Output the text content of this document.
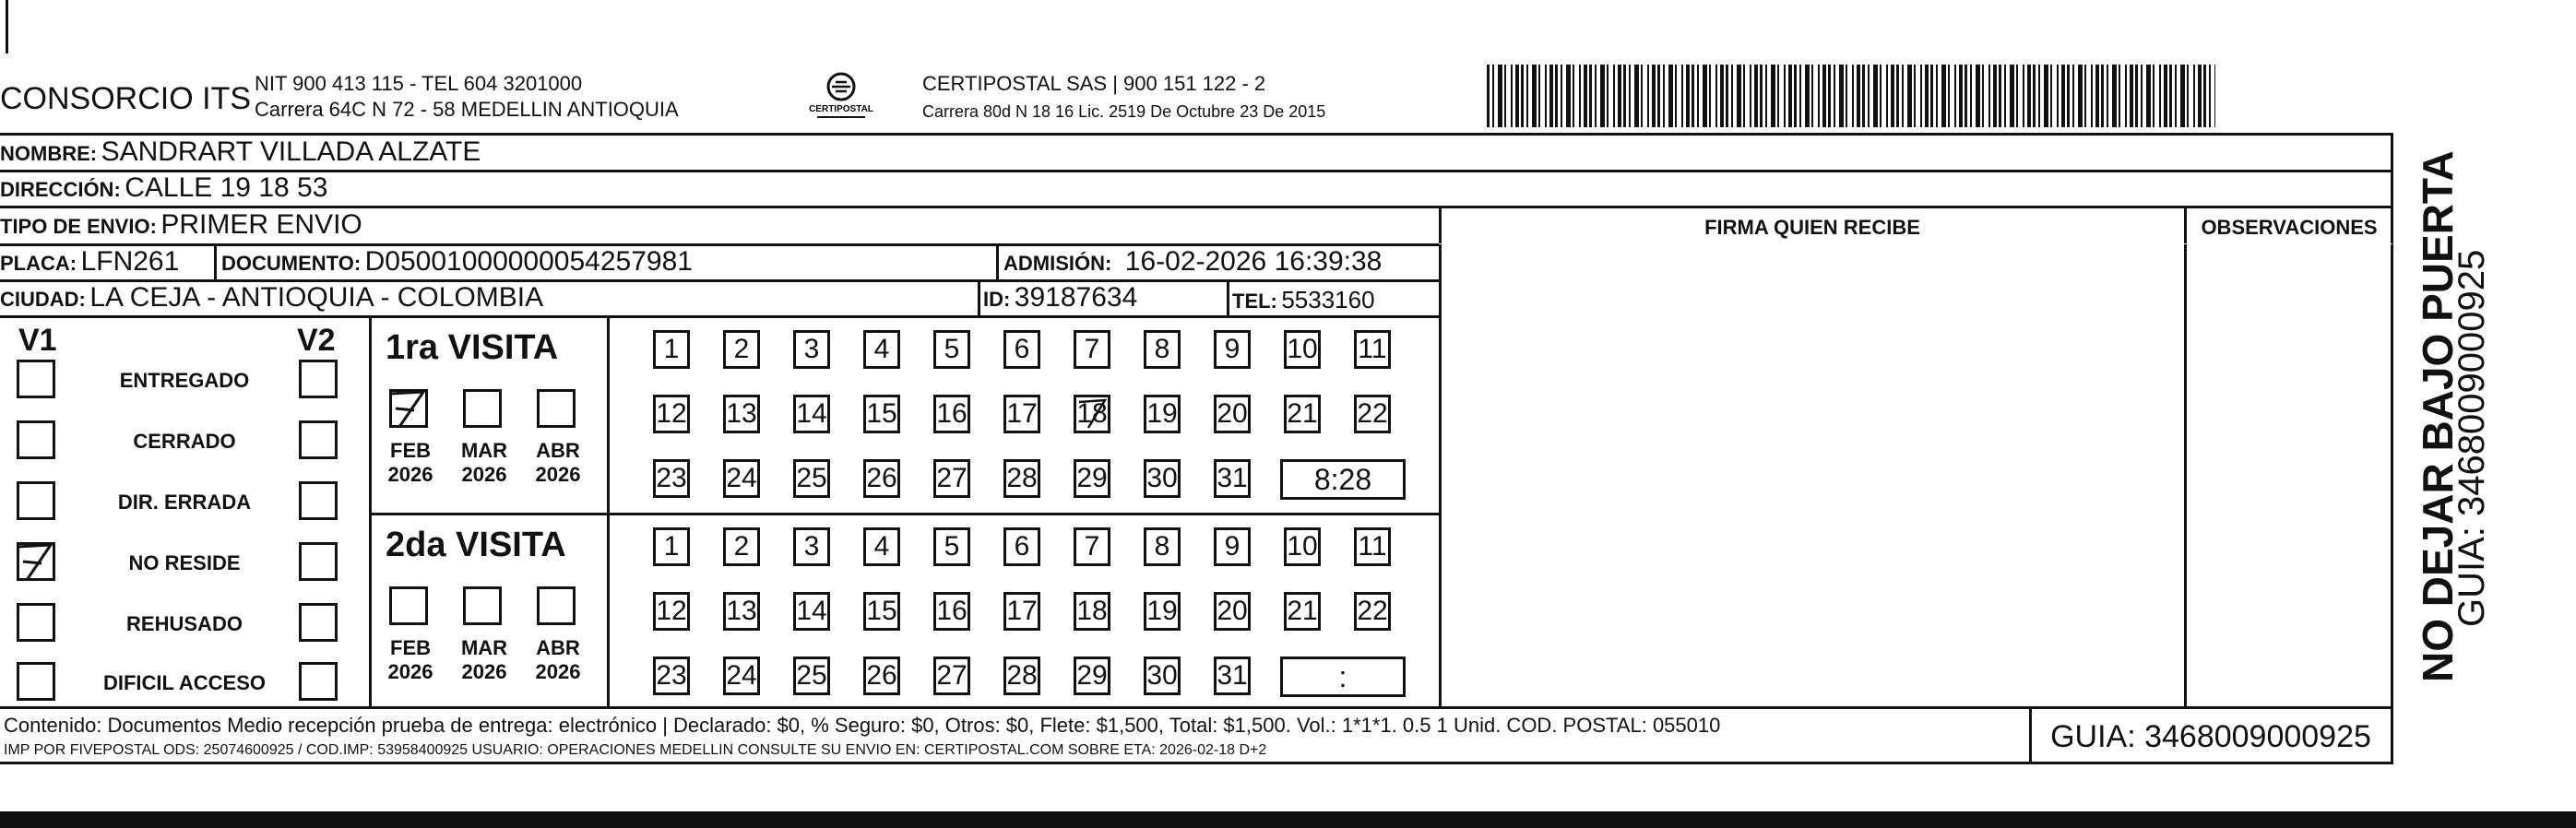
CONSORCIO ITS NIT 900 413 115 - TEL 604 3201000
Carrera 64C N 72 - 58 MEDELLIN ANTIOQUIA	CERTIPOSTAL
CERTIPOSTAL SAS | 900 151 122 - 2
Carrera 80d N 18 16 Lic. 2519 De Octubre 23 De 2015
NOMBRE: SANDRART VILLADA ALZATE
DIRECCIÓN: CALLE 19 18 53
TIPO DE ENVIO: PRIMER ENVIO
PLACA: LFN261 DOCUMENTO: D05001000000054257981	ADMISIÓN: 16-02-2026 16:39:38
CIUDAD: LA CEJA - ANTIOQUIA - COLOMBIA	ID: 39187634	TEL: 5533160
FIRMA QUIEN RECIBE	OBSERVACIONES
V1	V2
ENTREGADO
CERRADO
DIR. ERRADA
NO RESIDE
REHUSADO
DIFICIL ACCESO
1ra VISITA
FEB
2026
MAR
2026
ABR
2026
1	2	3	4	5	6	7	8	9	10 11
12 13 14 15 16 17 18 19 20 21 22
23 24 25 26 27 28 29 30 31	8:28
2da VISITA
FEB
2026
MAR
2026
ABR
2026
1	2	3	4	5	6	7	8	9	10 11
12 13 14 15 16 17 18 19 20 21 22
23 24 25 26 27 28 29 30 31	:
Contenido: Documentos Medio recepción prueba de entrega: electrónico | Declarado: $0, % Seguro: $0, Otros: $0, Flete: $1,500, Total: $1,500. Vol.: 1*1*1. 0.5 1 Unid. COD. POSTAL: 055010
IMP POR FIVEPOSTAL ODS: 25074600925 / COD.IMP: 53958400925 USUARIO: OPERACIONES MEDELLIN CONSULTE SU ENVIO EN: CERTIPOSTAL.COM SOBRE ETA: 2026-02-18 D+2	GUIA: 3468009000925
NO DEJAR BAJO PUERTA
GUIA: 3468009000925
